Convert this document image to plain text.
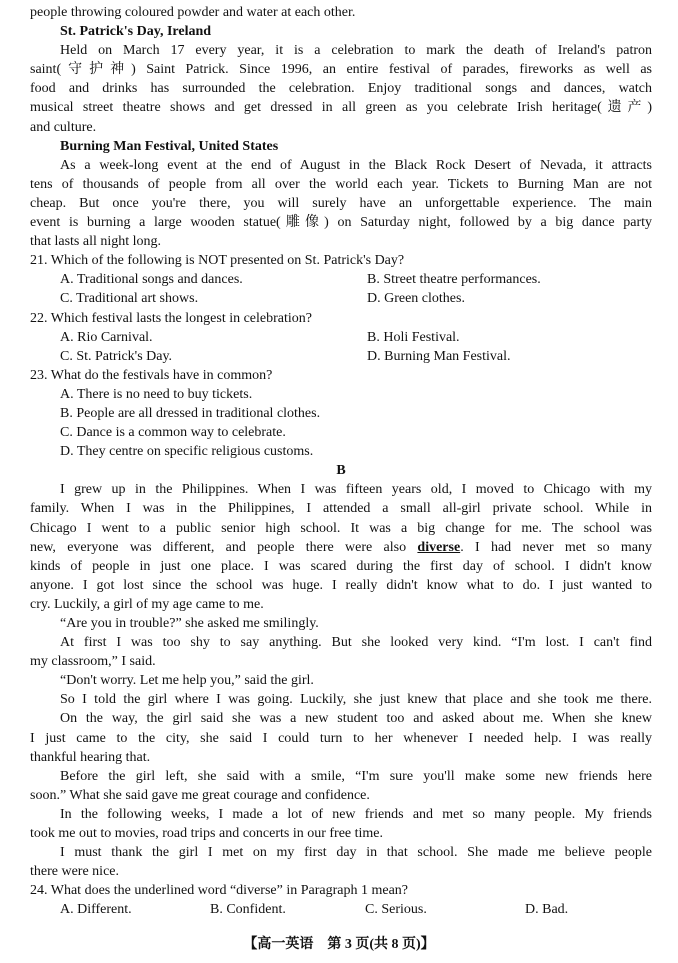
people throwing coloured powder and water at each other.
St. Patrick's Day, Ireland
Held on March 17 every year, it is a celebration to mark the death of Ireland's patron
saint(守护神) Saint Patrick. Since 1996, an entire festival of parades, fireworks as well as
food and drinks has surrounded the celebration. Enjoy traditional songs and dances, watch
musical street theatre shows and get dressed in all green as you celebrate Irish heritage(遗产)
and culture.
Burning Man Festival, United States
As a week-long event at the end of August in the Black Rock Desert of Nevada, it attracts
tens of thousands of people from all over the world each year. Tickets to Burning Man are not
cheap. But once you're there, you will surely have an unforgettable experience. The main
event is burning a large wooden statue(雕像) on Saturday night, followed by a big dance party
that lasts all night long.
21. Which of the following is NOT presented on St. Patrick's Day?
A. Traditional songs and dances.	B. Street theatre performances.
C. Traditional art shows.	D. Green clothes.
22. Which festival lasts the longest in celebration?
A. Rio Carnival.	B. Holi Festival.
C. St. Patrick's Day.	D. Burning Man Festival.
23. What do the festivals have in common?
A. There is no need to buy tickets.
B. People are all dressed in traditional clothes.
C. Dance is a common way to celebrate.
D. They centre on specific religious customs.
B
I grew up in the Philippines. When I was fifteen years old, I moved to Chicago with my
family. When I was in the Philippines, I attended a small all-girl private school. While in
Chicago I went to a public senior high school. It was a big change for me. The school was
new, everyone was different, and people there were also diverse. I had never met so many
kinds of people in just one place. I was scared during the first day of school. I didn't know
anyone. I got lost since the school was huge. I really didn't know what to do. I just wanted to
cry. Luckily, a girl of my age came to me.
“Are you in trouble?” she asked me smilingly.
At first I was too shy to say anything. But she looked very kind. “I'm lost. I can't find
my classroom,” I said.
“Don't worry. Let me help you,” said the girl.
So I told the girl where I was going. Luckily, she just knew that place and she took me there.
On the way, the girl said she was a new student too and asked about me. When she knew
I just came to the city, she said I could turn to her whenever I needed help. I was really
thankful hearing that.
Before the girl left, she said with a smile, “I'm sure you'll make some new friends here
soon.” What she said gave me great courage and confidence.
In the following weeks, I made a lot of new friends and met so many people. My friends
took me out to movies, road trips and concerts in our free time.
I must thank the girl I met on my first day in that school. She made me believe people
there were nice.
24. What does the underlined word “diverse” in Paragraph 1 mean?
A. Different.	B. Confident.	C. Serious.	D. Bad.
【高一英语　第 3 页(共 8 页)】
